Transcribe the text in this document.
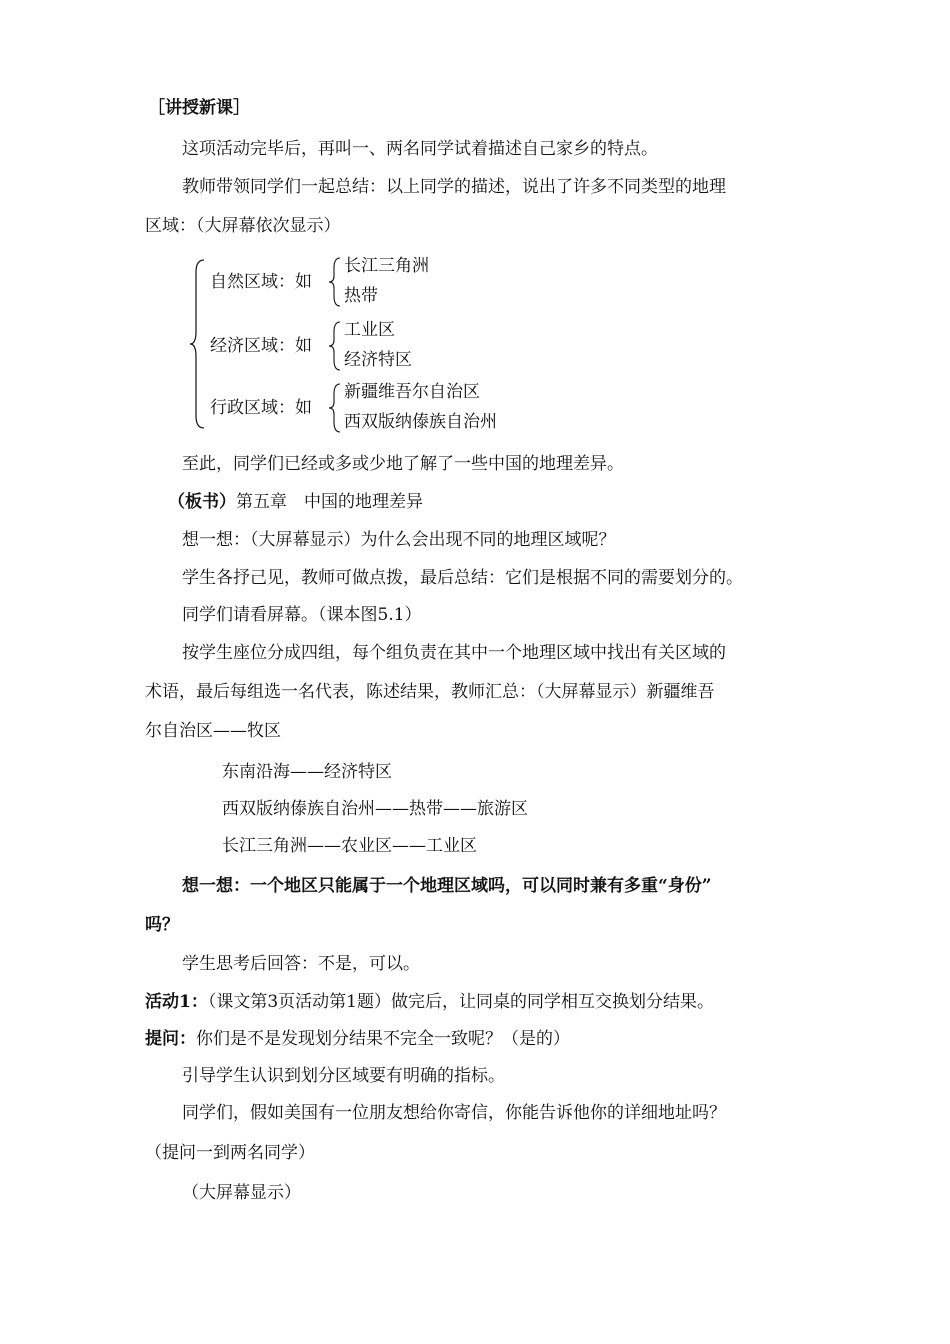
［讲授新课］
这项活动完毕后，再叫一、两名同学试着描述自己家乡的特点。
教师带领同学们一起总结：以上同学的描述，说出了许多不同类型的地理
区域：（大屏幕依次显示）
自然区域：如
长江三角洲
热带
经济区域：如
工业区
经济特区
行政区域：如
新疆维吾尔自治区
西双版纳傣族自治州
至此，同学们已经或多或少地了解了一些中国的地理差异。
（板书）第五章　中国的地理差异
想一想：（大屏幕显示）为什么会出现不同的地理区域呢？
学生各抒己见，教师可做点拨，最后总结：它们是根据不同的需要划分的。
同学们请看屏幕。（课本图5.1）
按学生座位分成四组，每个组负责在其中一个地理区域中找出有关区域的
术语，最后每组选一名代表，陈述结果，教师汇总：（大屏幕显示）新疆维吾
尔自治区——牧区
东南沿海——经济特区
西双版纳傣族自治州——热带——旅游区
长江三角洲——农业区——工业区
想一想：一个地区只能属于一个地理区域吗，可以同时兼有多重“身份”
吗？
学生思考后回答：不是，可以。
活动1：（课文第3页活动第1题）做完后，让同桌的同学相互交换划分结果。
提问：你们是不是发现划分结果不完全一致呢？（是的）
引导学生认识到划分区域要有明确的指标。
同学们，假如美国有一位朋友想给你寄信，你能告诉他你的详细地址吗？
（提问一到两名同学）
（大屏幕显示）
